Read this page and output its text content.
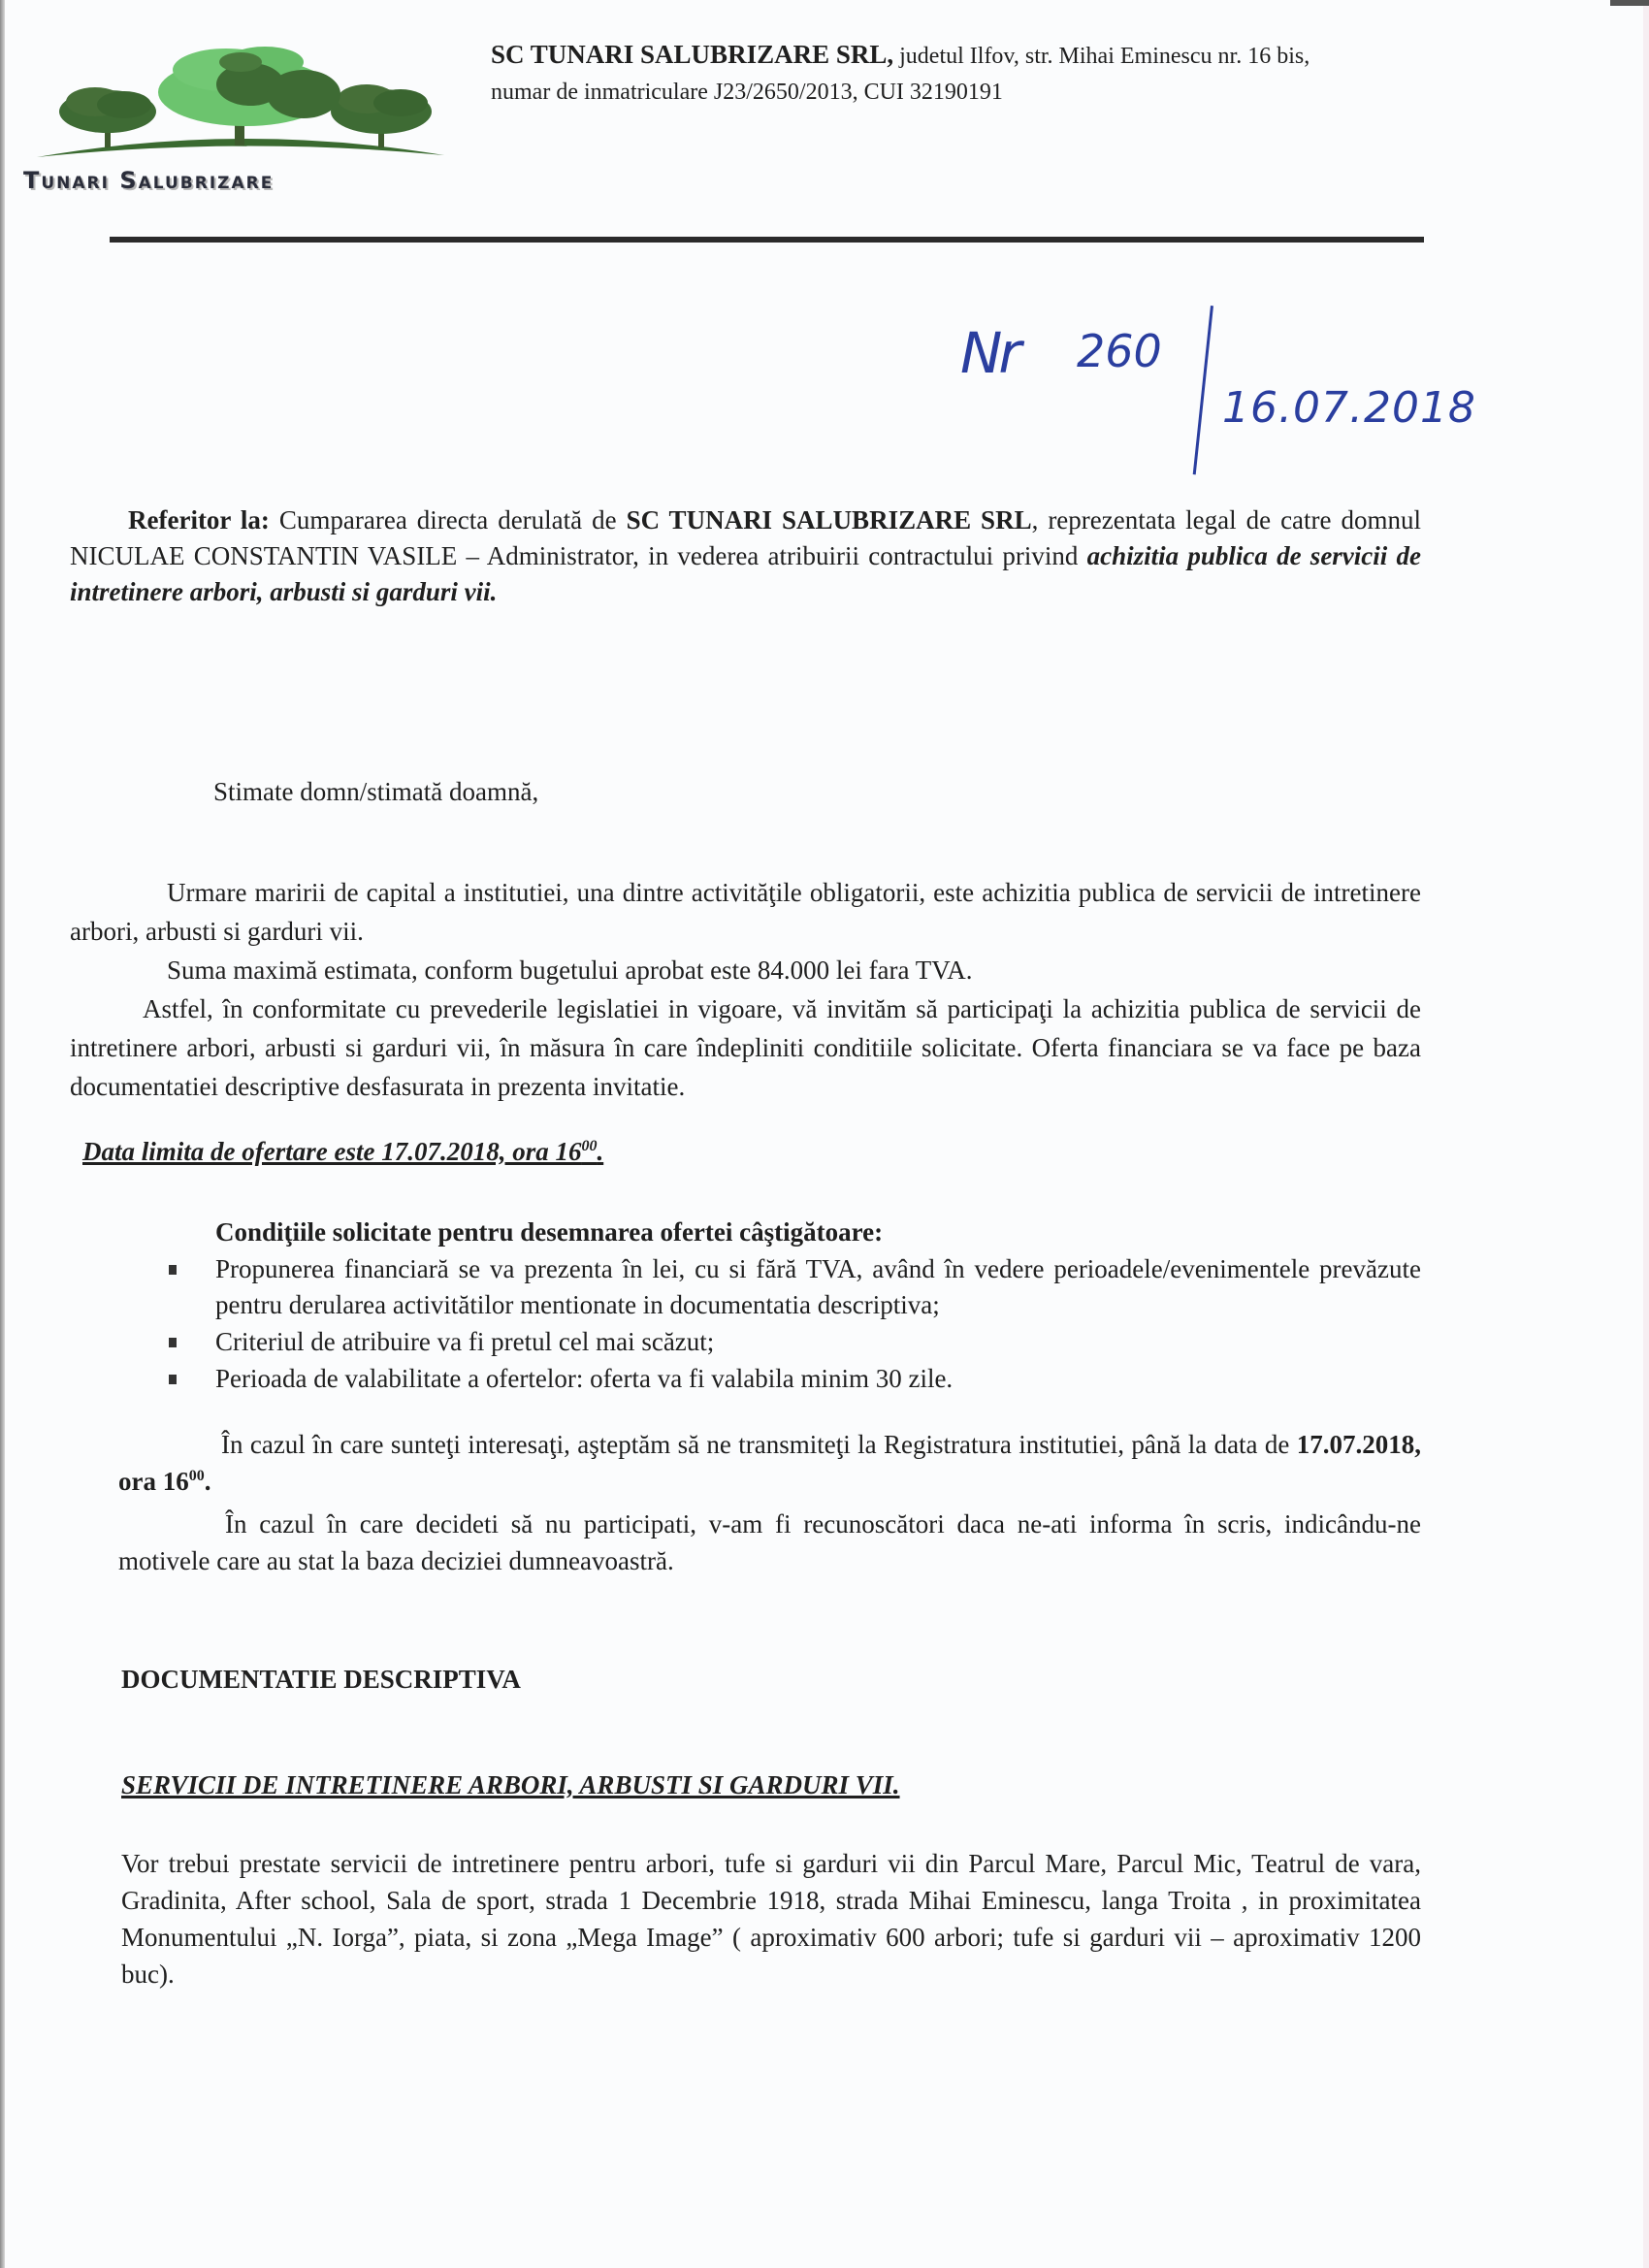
Tunari Salubrizare
SC TUNARI SALUBRIZARE SRL, judetul Ilfov, str. Mihai Eminescu nr. 16 bis,
numar de inmatriculare J23/2650/2013, CUI 32190191
Nr 260
16.07.2018
Referitor la: Cumpararea directa derulată de SC TUNARI SALUBRIZARE SRL, reprezentata legal de catre domnul NICULAE CONSTANTIN VASILE – Administrator, in vederea atribuirii contractului privind achizitia publica de servicii de intretinere arbori, arbusti si garduri vii.
Stimate domn/stimată doamnă,
Urmare maririi de capital a institutiei, una dintre activităţile obligatorii, este achizitia publica de servicii de intretinere arbori, arbusti si garduri vii.
Suma maximă estimata, conform bugetului aprobat este 84.000 lei fara TVA.
Astfel, în conformitate cu prevederile legislatiei in vigoare, vă invităm să participaţi la achizitia publica de servicii de intretinere arbori, arbusti si garduri vii, în măsura în care îndepliniti conditiile solicitate. Oferta financiara se va face pe baza documentatiei descriptive desfasurata in prezenta invitatie.
Data limita de ofertare este 17.07.2018, ora $16^{00}$.
Condiţiile solicitate pentru desemnarea ofertei câştigătoare:
Propunerea financiară se va prezenta în lei, cu si fără TVA, având în vedere perioadele/evenimentele prevăzute pentru derularea activitătilor mentionate in documentatia descriptiva;
Criteriul de atribuire va fi pretul cel mai scăzut;
Perioada de valabilitate a ofertelor: oferta va fi valabila minim 30 zile.
În cazul în care sunteţi interesaţi, aşteptăm să ne transmiteţi la Registratura institutiei, până la data de 17.07.2018, ora $16^{00}$.
În cazul în care decideti să nu participati, v-am fi recunoscători daca ne-ati informa în scris, indicându-ne motivele care au stat la baza deciziei dumneavoastră.
DOCUMENTATIE DESCRIPTIVA
SERVICII DE INTRETINERE ARBORI, ARBUSTI SI GARDURI VII.
Vor trebui prestate servicii de intretinere pentru arbori, tufe si garduri vii din Parcul Mare, Parcul Mic, Teatrul de vara, Gradinita, After school, Sala de sport, strada 1 Decembrie 1918, strada Mihai Eminescu, langa Troita , in proximitatea Monumentului „N. Iorga”, piata, si zona „Mega Image” ( aproximativ 600 arbori; tufe si garduri vii – aproximativ 1200 buc).
